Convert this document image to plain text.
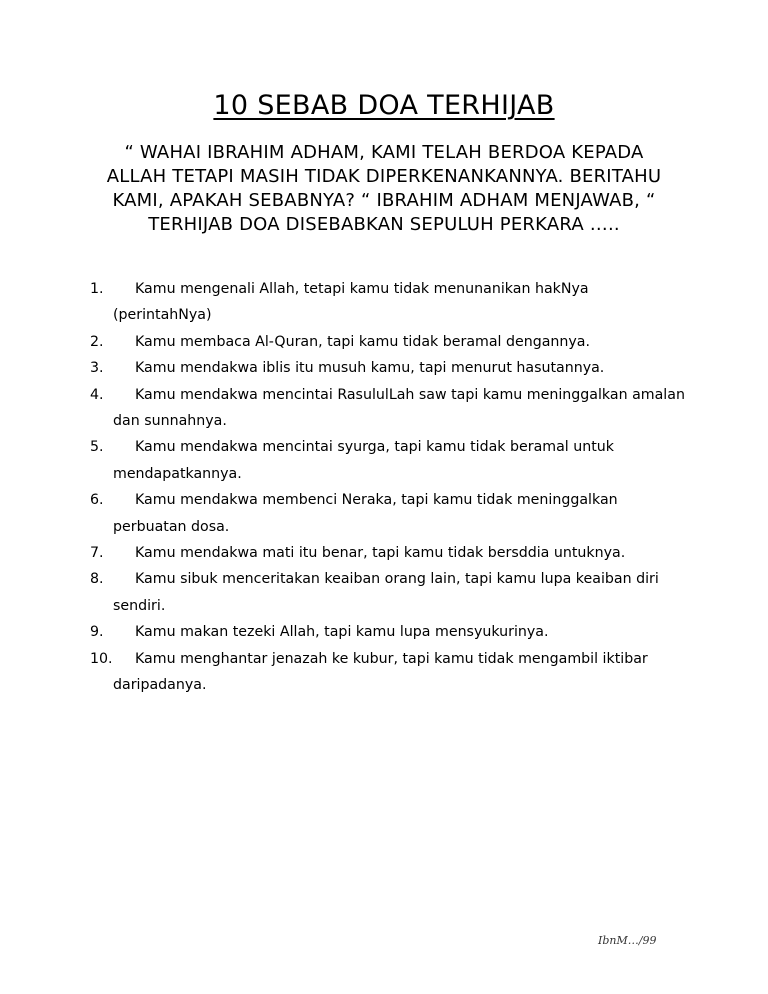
10 SEBAB DOA TERHIJAB
“ WAHAI IBRAHIM ADHAM, KAMI TELAH BERDOA KEPADA ALLAH TETAPI MASIH TIDAK DIPERKENANKANNYA. BERITAHU KAMI, APAKAH SEBABNYA? “ IBRAHIM ADHAM MENJAWAB, “ TERHIJAB DOA DISEBABKAN SEPULUH PERKARA …..
1. Kamu mengenali Allah, tetapi kamu tidak menunanikan hakNya (perintahNya)
2. Kamu membaca Al-Quran, tapi kamu tidak beramal dengannya.
3. Kamu mendakwa iblis itu musuh kamu, tapi menurut hasutannya.
4. Kamu mendakwa mencintai RasululLah saw tapi kamu meninggalkan amalan dan sunnahnya.
5. Kamu mendakwa mencintai syurga, tapi kamu tidak beramal untuk mendapatkannya.
6. Kamu mendakwa membenci Neraka, tapi kamu tidak meninggalkan perbuatan dosa.
7. Kamu mendakwa mati itu benar, tapi kamu tidak bersddia untuknya.
8. Kamu sibuk menceritakan keaiban orang lain, tapi kamu lupa keaiban diri sendiri.
9. Kamu makan tezeki Allah, tapi kamu lupa mensyukurinya.
10. Kamu menghantar jenazah ke kubur, tapi kamu tidak mengambil iktibar daripadanya.
IbnM…/99
